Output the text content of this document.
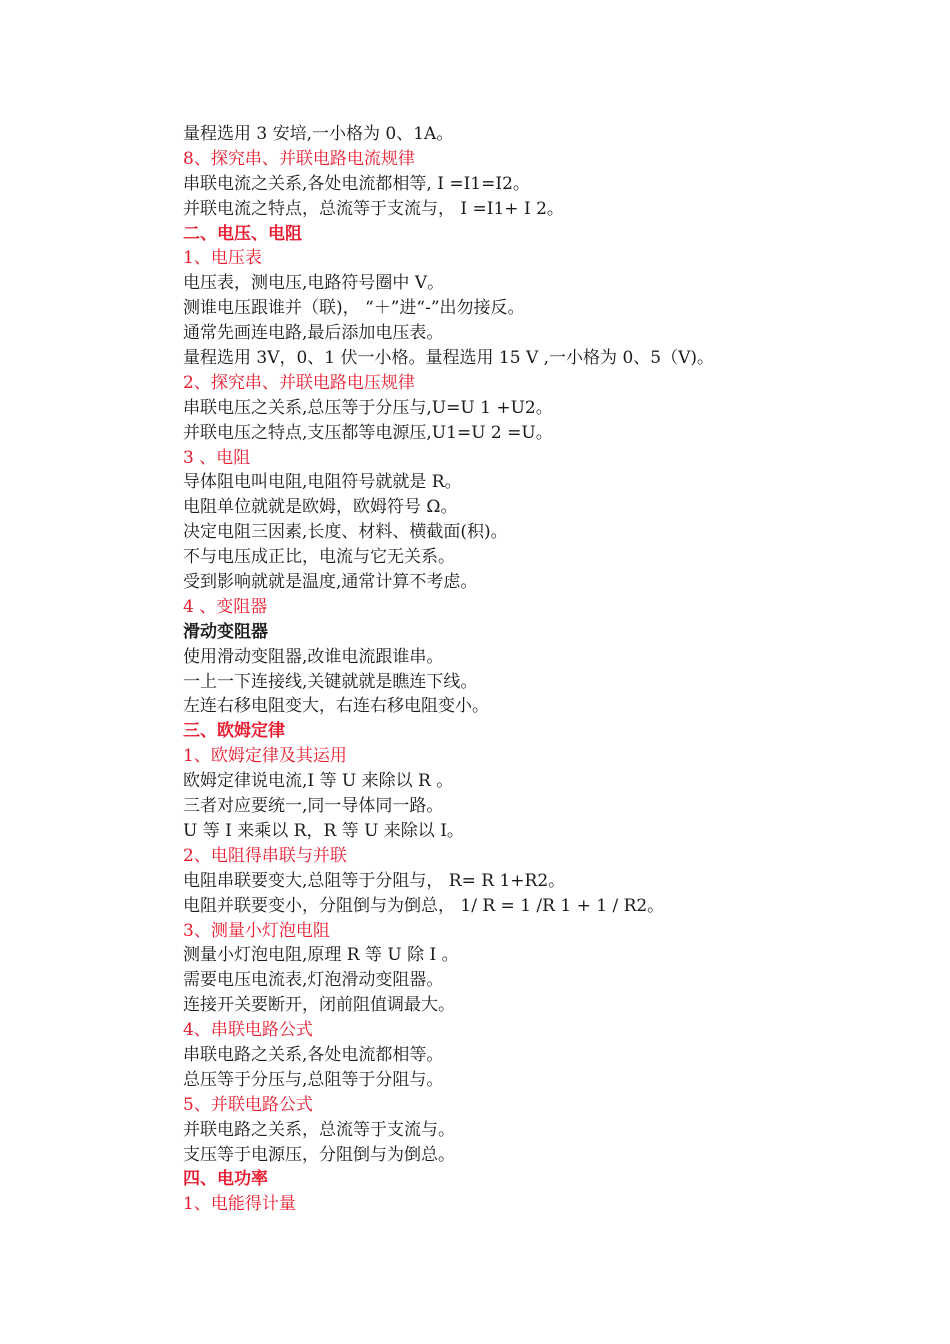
量程选用 3 安培,一小格为 0、1A。
8、探究串、并联电路电流规律
串联电流之关系,各处电流都相等, I =I1=I2。
并联电流之特点，总流等于支流与， I =I1+ I 2。
二、电压、电阻
1、电压表
电压表，测电压,电路符号圈中 V。
测谁电压跟谁并（联)， “＋”进“-”出勿接反。
通常先画连电路,最后添加电压表。
量程选用 3V，0、1 伏一小格。量程选用 15 V ,一小格为 0、5（V)。
2、探究串、并联电路电压规律
串联电压之关系,总压等于分压与,U=U 1 +U2。
并联电压之特点,支压都等电源压,U1=U 2 =U。
3 、电阻
导体阻电叫电阻,电阻符号就就是 R。
电阻单位就就是欧姆，欧姆符号 Ω。
决定电阻三因素,长度、材料、横截面(积)。
不与电压成正比，电流与它无关系。
受到影响就就是温度,通常计算不考虑。
4 、变阻器
滑动变阻器
使用滑动变阻器,改谁电流跟谁串。
一上一下连接线,关键就就是瞧连下线。
左连右移电阻变大，右连右移电阻变小。
三、欧姆定律
1、欧姆定律及其运用
欧姆定律说电流,I 等 U 来除以 R 。
三者对应要统一,同一导体同一路。
U 等 I 来乘以 R，R 等 U 来除以 I。
2、电阻得串联与并联
电阻串联要变大,总阻等于分阻与， R= R 1+R2。
电阻并联要变小，分阻倒与为倒总， 1/ R = 1 /R 1 + 1 / R2。
3、测量小灯泡电阻
测量小灯泡电阻,原理 R 等 U 除 I 。
需要电压电流表,灯泡滑动变阻器。
连接开关要断开，闭前阻值调最大。
4、串联电路公式
串联电路之关系,各处电流都相等。
总压等于分压与,总阻等于分阻与。
5、并联电路公式
并联电路之关系，总流等于支流与。
支压等于电源压，分阻倒与为倒总。
四、电功率
1、电能得计量
